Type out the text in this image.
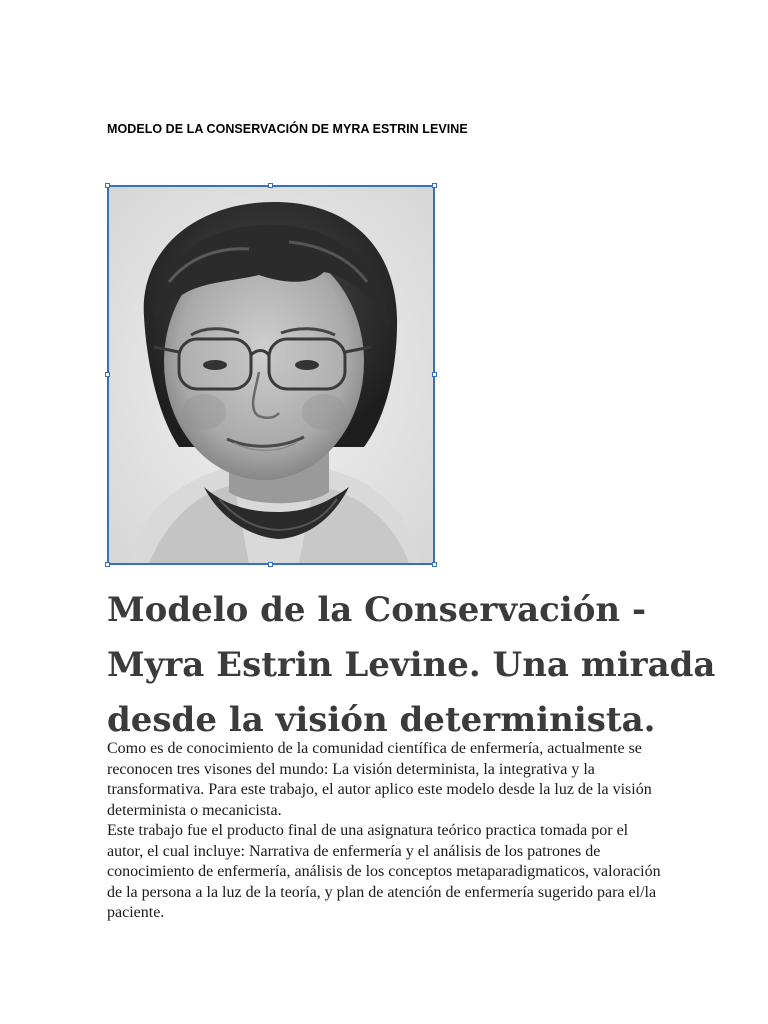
MODELO DE LA CONSERVACIÓN DE MYRA ESTRIN LEVINE
Modelo de la Conservación - Myra Estrin Levine. Una mirada desde la visión determinista.

Como es de conocimiento de la comunidad científica de enfermería, actualmente se reconocen tres visones del mundo: La visión determinista, la integrativa y la transformativa. Para este trabajo, el autor aplico este modelo desde la luz de la visión determinista o mecanicista.

Este trabajo fue el producto final de una asignatura teórico practica tomada por el autor, el cual incluye: Narrativa de enfermería y el análisis de los patrones de conocimiento de enfermería, análisis de los conceptos metaparadigmaticos, valoración de la persona a la luz de la teoría, y plan de atención de enfermería sugerido para el/la paciente.
